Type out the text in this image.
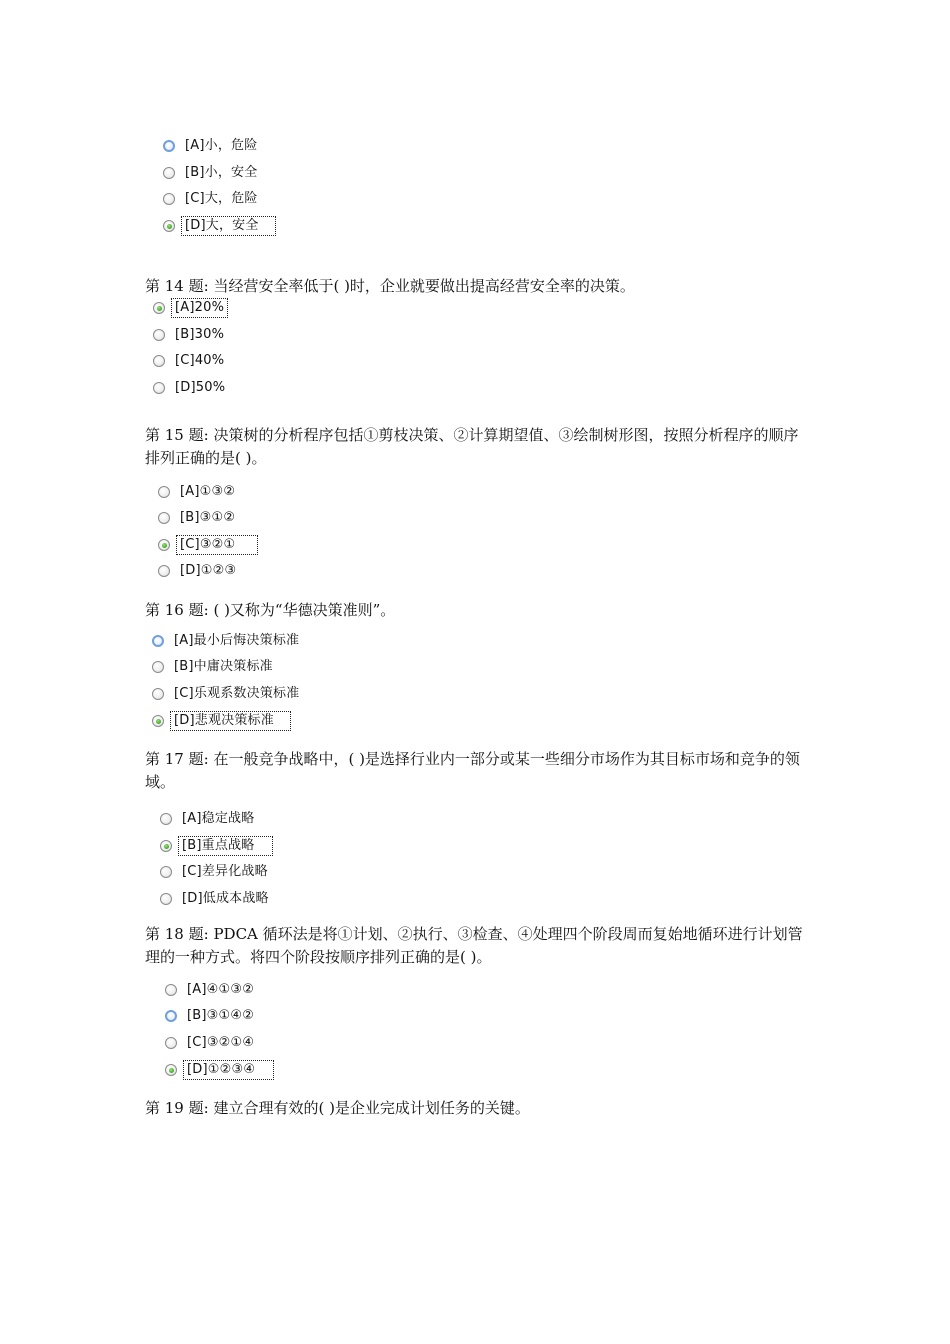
[A]小，危险
[B]小，安全
[C]大，危险
[D]大，安全
第 14 题: 当经营安全率低于( )时，企业就要做出提高经营安全率的决策。
[A]20%
[B]30%
[C]40%
[D]50%
第 15 题: 决策树的分析程序包括①剪枝决策、②计算期望值、③绘制树形图，按照分析程序的顺序排列正确的是( )。
[A]①③②
[B]③①②
[C]③②①
[D]①②③
第 16 题: ( )又称为“华德决策准则”。
[A]最小后悔决策标准
[B]中庸决策标准
[C]乐观系数决策标准
[D]悲观决策标准
第 17 题: 在一般竞争战略中，( )是选择行业内一部分或某一些细分市场作为其目标市场和竞争的领域。
[A]稳定战略
[B]重点战略
[C]差异化战略
[D]低成本战略
第 18 题: PDCA 循环法是将①计划、②执行、③检查、④处理四个阶段周而复始地循环进行计划管理的一种方式。将四个阶段按顺序排列正确的是( )。
[A]④①③②
[B]③①④②
[C]③②①④
[D]①②③④
第 19 题: 建立合理有效的( )是企业完成计划任务的关键。
